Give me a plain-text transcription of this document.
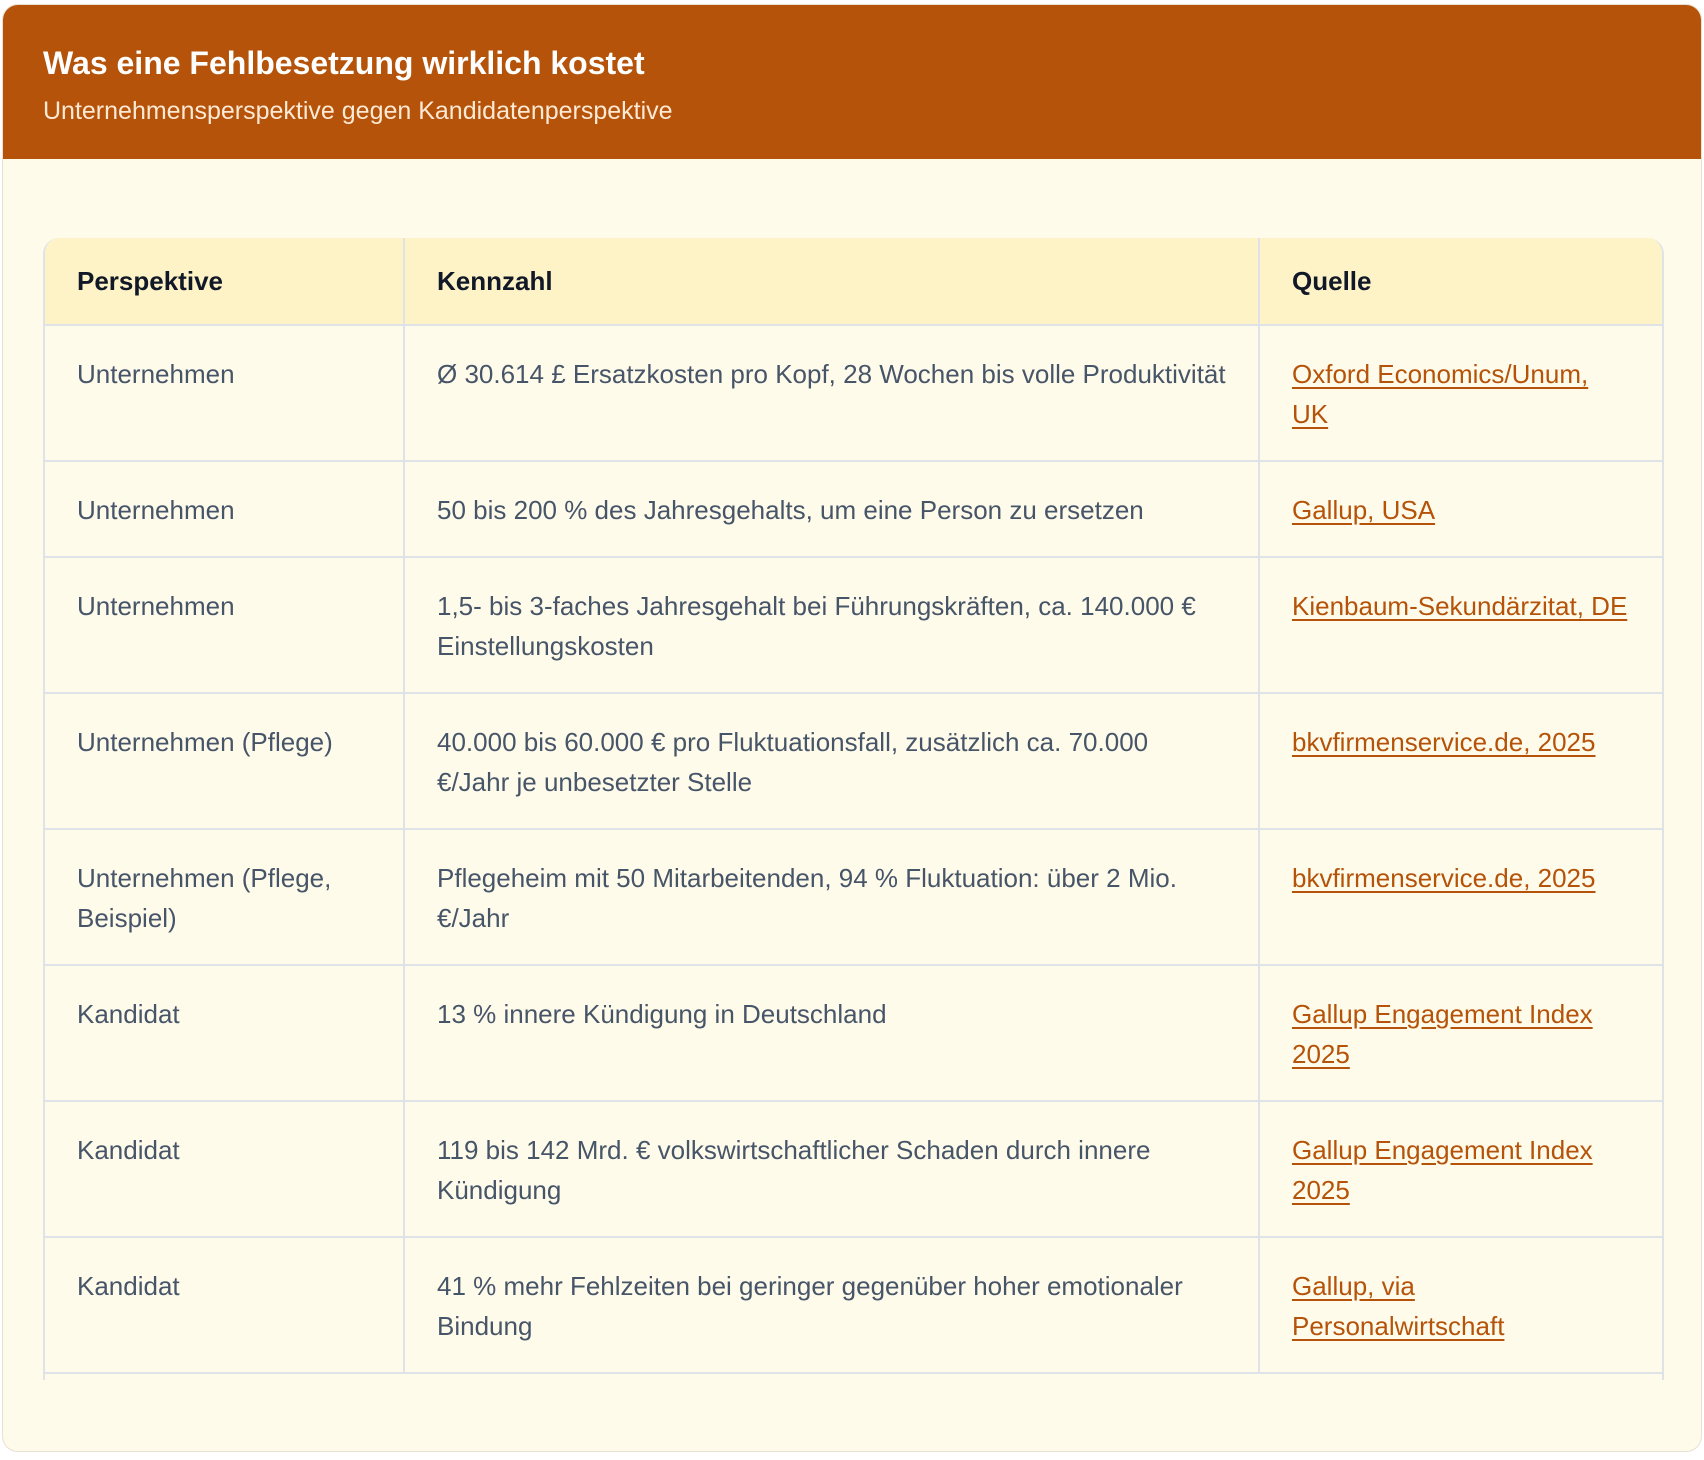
Was eine Fehlbesetzung wirklich kostet
Unternehmensperspektive gegen Kandidatenperspektive
Perspektive	Kennzahl	Quelle
Unternehmen	Ø 30.614 £ Ersatzkosten pro Kopf, 28 Wochen bis volle Produktivität	Oxford Economics/Unum, UK
Unternehmen	50 bis 200 % des Jahresgehalts, um eine Person zu ersetzen	Gallup, USA
Unternehmen	1,5- bis 3-faches Jahresgehalt bei Führungskräften, ca. 140.000 € Einstellungskosten	Kienbaum-Sekundärzitat, DE
Unternehmen (Pflege)	40.000 bis 60.000 € pro Fluktuationsfall, zusätzlich ca. 70.000 €/Jahr je unbesetzter Stelle	bkvfirmenservice.de, 2025
Unternehmen (Pflege, Beispiel)	Pflegeheim mit 50 Mitarbeitenden, 94 % Fluktuation: über 2 Mio. €/Jahr	bkvfirmenservice.de, 2025
Kandidat	13 % innere Kündigung in Deutschland	Gallup Engagement Index 2025
Kandidat	119 bis 142 Mrd. € volkswirtschaftlicher Schaden durch innere Kündigung	Gallup Engagement Index 2025
Kandidat	41 % mehr Fehlzeiten bei geringer gegenüber hoher emotionaler Bindung	Gallup, via Personalwirtschaft
